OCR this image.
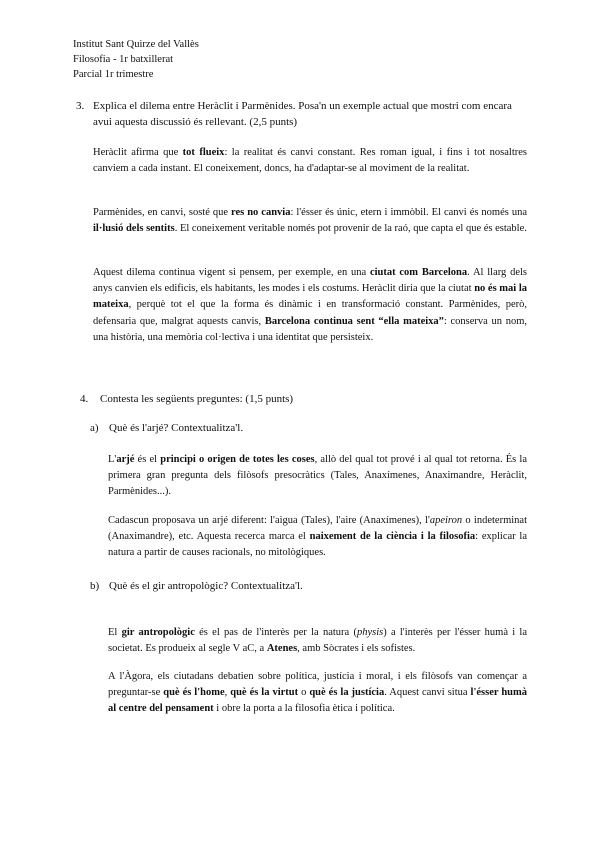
Institut Sant Quirze del Vallès
Filosofia - 1r batxillerat
Parcial 1r trimestre
3. Explica el dilema entre Heràclit i Parmènides. Posa'n un exemple actual que mostri com encara avui aquesta discussió és rellevant. (2,5 punts)

Heràclit afirma que tot flueix: la realitat és canvi constant. Res roman igual, i fins i tot nosaltres canviem a cada instant. El coneixement, doncs, ha d'adaptar-se al moviment de la realitat.

Parmènides, en canvi, sosté que res no canvia: l'ésser és únic, etern i immòbil. El canvi és només una il·lusió dels sentits. El coneixement veritable només pot provenir de la raó, que capta el que és estable.

Aquest dilema continua vigent si pensem, per exemple, en una ciutat com Barcelona. Al llarg dels anys canvien els edificis, els habitants, les modes i els costums. Heràclit diria que la ciutat no és mai la mateixa, perquè tot el que la forma és dinàmic i en transformació constant. Parmènides, però, defensaria que, malgrat aquests canvis, Barcelona continua sent “ella mateixa”: conserva un nom, una història, una memòria col·lectiva i una identitat que persisteix.

4. Contesta les següents preguntes: (1,5 punts)

a) Què és l'arjé? Contextualitza'l.

L'arjé és el principi o origen de totes les coses, allò del qual tot prové i al qual tot retorna. És la primera gran pregunta dels filòsofs presocràtics (Tales, Anaxímenes, Anaximandre, Heràclit, Parmènides...).

Cadascun proposava un arjé diferent: l'aigua (Tales), l'aire (Anaxímenes), l'apeiron o indeterminat (Anaximandre), etc. Aquesta recerca marca el naixement de la ciència i la filosofia: explicar la natura a partir de causes racionals, no mitològiques.

b) Què és el gir antropològic? Contextualitza'l.

El gir antropològic és el pas de l'interès per la natura (physis) a l'interès per l'ésser humà i la societat. Es produeix al segle V aC, a Atenes, amb Sòcrates i els sofistes.

A l'Àgora, els ciutadans debatien sobre política, justícia i moral, i els filòsofs van començar a preguntar-se què és l'home, què és la virtut o què és la justícia. Aquest canvi situa l'ésser humà al centre del pensament i obre la porta a la filosofia ètica i política.
